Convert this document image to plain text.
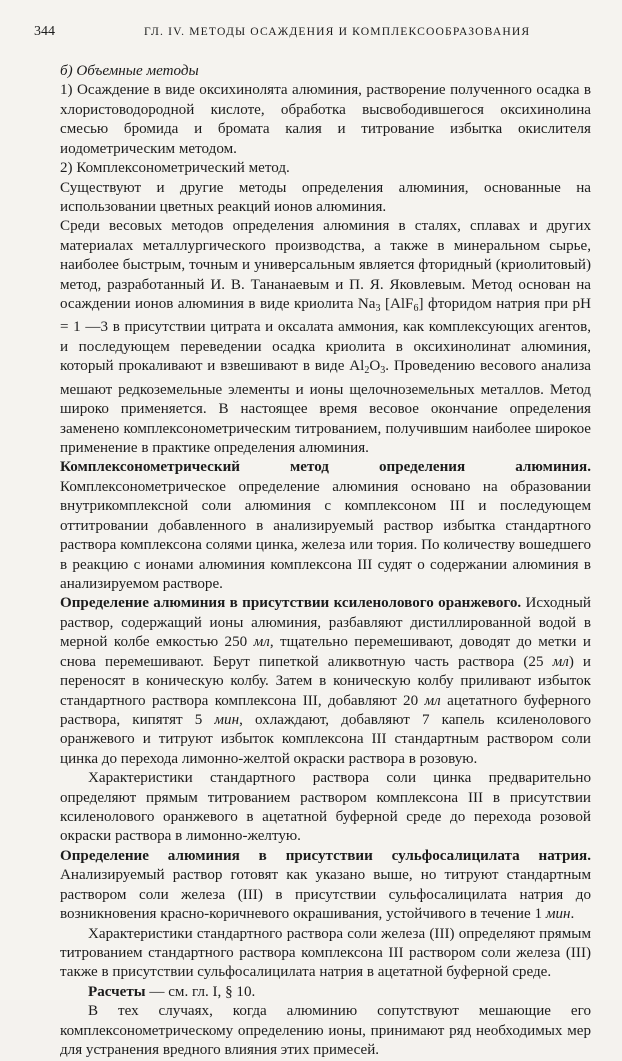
344	ГЛ. IV. МЕТОДЫ ОСАЖДЕНИЯ И КОМПЛЕКСООБРАЗОВАНИЯ

б) Объемные методы

1) Осаждение в виде оксихинолята алюминия, растворение полученного осадка в хлористоводородной кислоте, обработка высвободившегося оксихинолина смесью бромида и бромата калия и титрование избытка окислителя иодометрическим методом.

2) Комплексонометрический метод.

Существуют и другие методы определения алюминия, основанные на использовании цветных реакций ионов алюминия.

Среди весовых методов определения алюминия в сталях, сплавах и других материалах металлургического производства, а также в минеральном сырье, наиболее быстрым, точным и универсальным является фторидный (криолитовый) метод, разработанный И. В. Тананаевым и П. Я. Яковлевым. Метод основан на осаждении ионов алюминия в виде криолита $Na_3$ [AlF$_6$] фторидом натрия при pH = 1 —3 в присутствии цитрата и оксалата аммония, как комплексующих агентов, и последующем переведении осадка криолита в оксихинолинат алюминия, который прокаливают и взвешивают в виде $Al_2O_3$. Проведению весового анализа мешают редкоземельные элементы и ионы щелочноземельных металлов. Метод широко применяется. В настоящее время весовое окончание определения заменено комплексонометрическим титрованием, получившим наиболее широкое применение в практике определения алюминия.

Комплексонометрический метод определения алюминия. Комплексонометрическое определение алюминия основано на образовании внутрикомплексной соли алюминия с комплексоном III и последующем оттитровании добавленного в анализируемый раствор избытка стандартного раствора комплексона солями цинка, железа или тория. По количеству вошедшего в реакцию с ионами алюминия комплексона III судят о содержании алюминия в анализируемом растворе.

Определение алюминия в присутствии ксиленолового оранжевого. Исходный раствор, содержащий ионы алюминия, разбавляют дистиллированной водой в мерной колбе емкостью 250 мл, тщательно перемешивают, доводят до метки и снова перемешивают. Берут пипеткой аликвотную часть раствора (25 мл) и переносят в коническую колбу. Затем в коническую колбу приливают избыток стандартного раствора комплексона III, добавляют 20 мл ацетатного буферного раствора, кипятят 5 мин, охлаждают, добавляют 7 капель ксиленолового оранжевого и титруют избыток комплексона III стандартным раствором соли цинка до перехода лимонно-желтой окраски раствора в розовую.

Характеристики стандартного раствора соли цинка предварительно определяют прямым титрованием раствором комплексона III в присутствии ксиленолового оранжевого в ацетатной буферной среде до перехода розовой окраски раствора в лимонно-желтую.

Определение алюминия в присутствии сульфосалицилата натрия. Анализируемый раствор готовят как указано выше, но титруют стандартным раствором соли железа (III) в присутствии сульфосалицилата натрия до возникновения красно-коричневого окрашивания, устойчивого в течение 1 мин.

Характеристики стандартного раствора соли железа (III) определяют прямым титрованием стандартного раствора комплексона III раствором соли железа (III) также в присутствии сульфосалицилата натрия в ацетатной буферной среде.

Расчеты — см. гл. I, § 10.

В тех случаях, когда алюминию сопутствуют мешающие его комплексонометрическому определению ионы, принимают ряд необходимых мер для устранения вредного влияния этих примесей.
